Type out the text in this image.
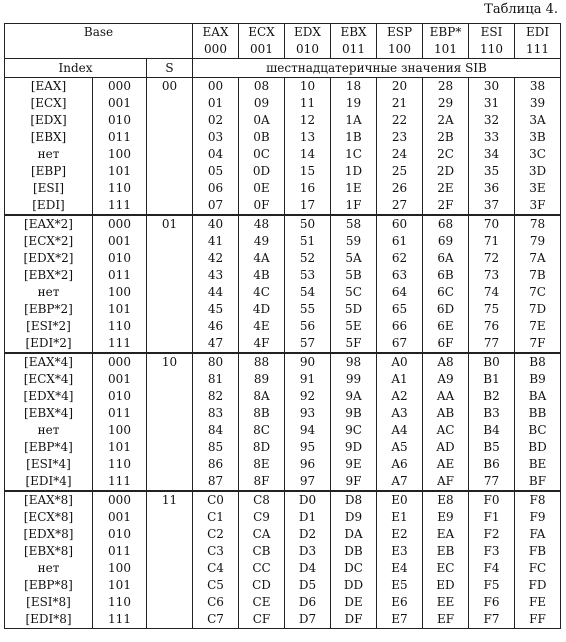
Таблица 4.
Base			EAX	ECX	EDX	EBX	ESP	EBP*	ESI	EDI
			000	001	010	011	100	101	110	111
Index		S	шестнадцатеричные значения SIB							
[EAX]	000	00	00	08	10	18	20	28	30	38
[ECX]	001		01	09	11	19	21	29	31	39
[EDX]	010		02	0A	12	1A	22	2A	32	3A
[EBX]	011		03	0B	13	1B	23	2B	33	3B
нет	100		04	0C	14	1C	24	2C	34	3C
[EBP]	101		05	0D	15	1D	25	2D	35	3D
[ESI]	110		06	0E	16	1E	26	2E	36	3E
[EDI]	111		07	0F	17	1F	27	2F	37	3F
[EAX*2]	000	01	40	48	50	58	60	68	70	78
[ECX*2]	001		41	49	51	59	61	69	71	79
[EDX*2]	010		42	4A	52	5A	62	6A	72	7A
[EBX*2]	011		43	4B	53	5B	63	6B	73	7B
нет	100		44	4C	54	5C	64	6C	74	7C
[EBP*2]	101		45	4D	55	5D	65	6D	75	7D
[ESI*2]	110		46	4E	56	5E	66	6E	76	7E
[EDI*2]	111		47	4F	57	5F	67	6F	77	7F
[EAX*4]	000	10	80	88	90	98	A0	A8	B0	B8
[ECX*4]	001		81	89	91	99	A1	A9	B1	B9
[EDX*4]	010		82	8A	92	9A	A2	AA	B2	BA
[EBX*4]	011		83	8B	93	9B	A3	AB	B3	BB
нет	100		84	8C	94	9C	A4	AC	B4	BC
[EBP*4]	101		85	8D	95	9D	A5	AD	B5	BD
[ESI*4]	110		86	8E	96	9E	A6	AE	B6	BE
[EDI*4]	111		87	8F	97	9F	A7	AF	77	BF
[EAX*8]	000	11	C0	C8	D0	D8	E0	E8	F0	F8
[ECX*8]	001		C1	C9	D1	D9	E1	E9	F1	F9
[EDX*8]	010		C2	CA	D2	DA	E2	EA	F2	FA
[EBX*8]	011		C3	CB	D3	DB	E3	EB	F3	FB
нет	100		C4	CC	D4	DC	E4	EC	F4	FC
[EBP*8]	101		C5	CD	D5	DD	E5	ED	F5	FD
[ESI*8]	110		C6	CE	D6	DE	E6	EE	F6	FE
[EDI*8]	111		C7	CF	D7	DF	E7	EF	F7	FF
